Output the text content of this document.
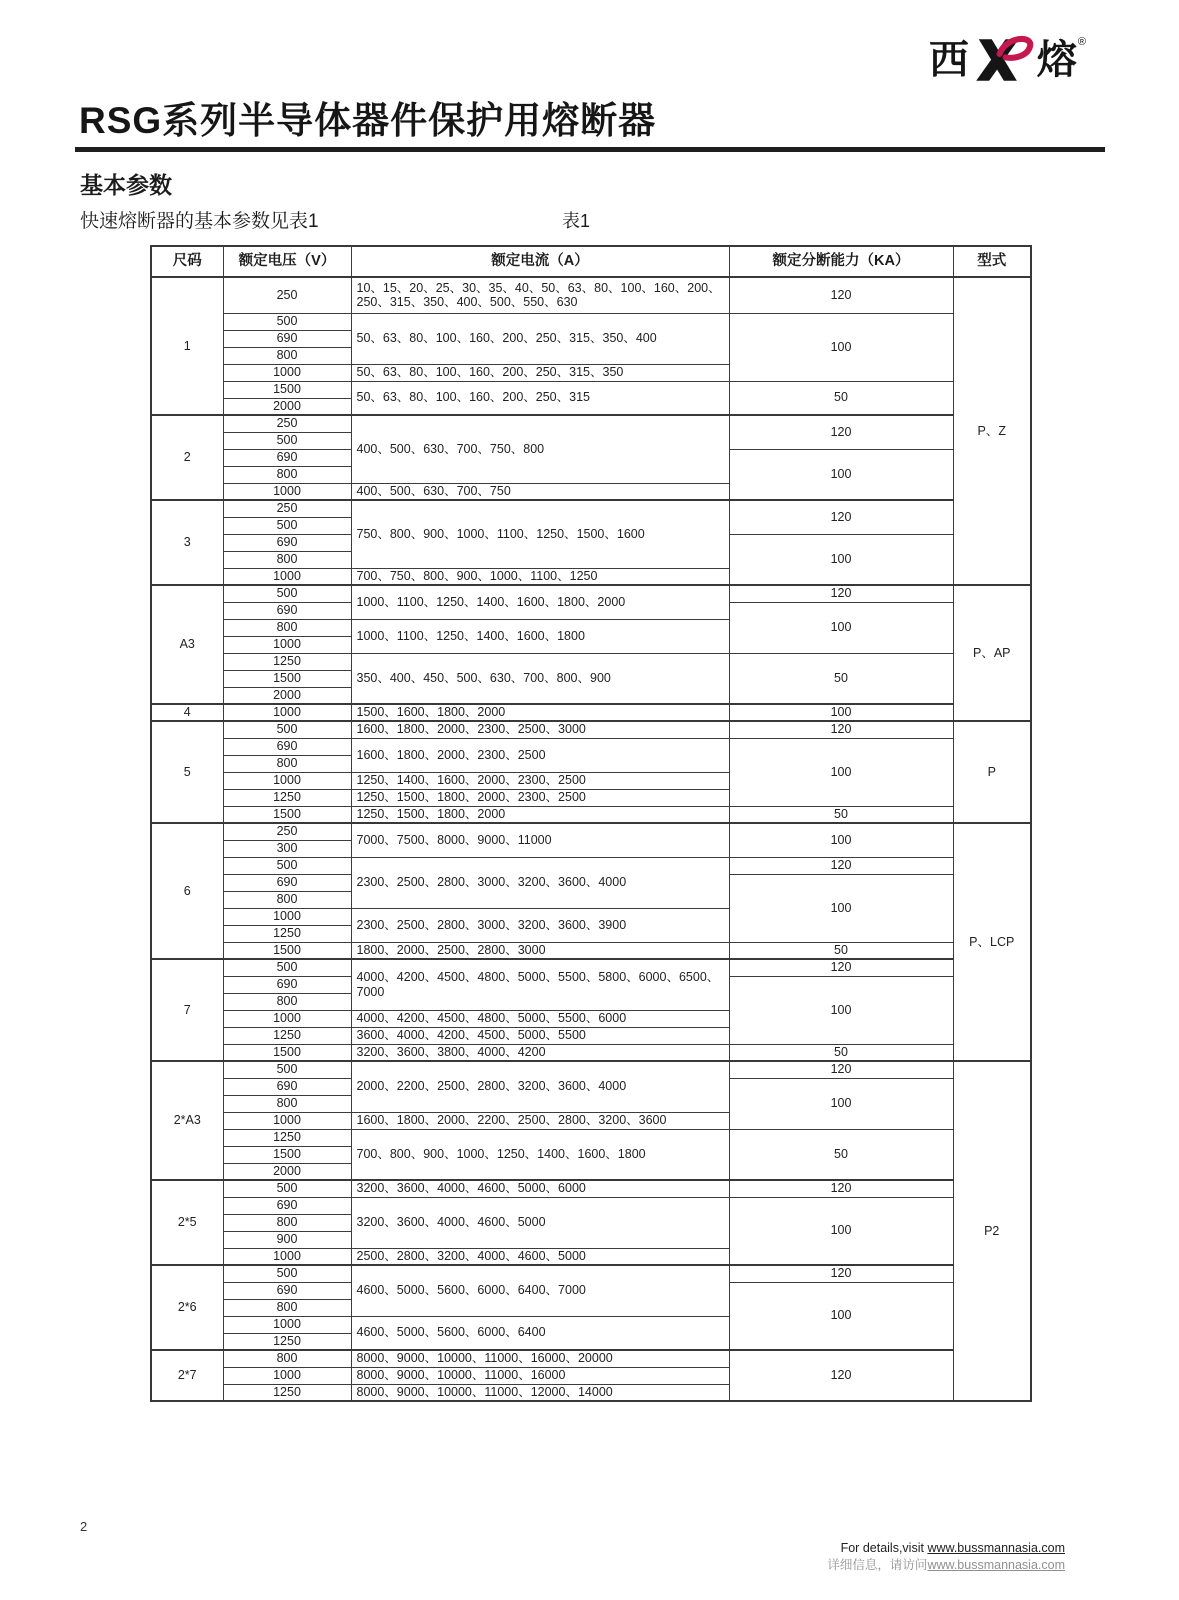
西 熔 ®
RSG系列半导体器件保护用熔断器
基本参数
快速熔断器的基本参数见表1	表1
尺码	额定电压（V）	额定电流（A）	额定分断能力（KA）	型式
1	250	10、15、20、25、30、35、40、50、63、80、100、160、200、250、315、350、400、500、550、630	120	P、Z
	500	50、63、80、100、160、200、250、315、350、400	100	
	690			
	800			
	1000	50、63、80、100、160、200、250、315、350		
	1500	50、63、80、100、160、200、250、315	50	
	2000			
2	250	400、500、630、700、750、800	120	
	500			
	690		100	
	800			
	1000	400、500、630、700、750		
3	250	750、800、900、1000、1100、1250、1500、1600	120	
	500			
	690		100	
	800			
	1000	700、750、800、900、1000、1100、1250		
A3	500	1000、1100、1250、1400、1600、1800、2000	120	P、AP
	690		100	
	800	1000、1100、1250、1400、1600、1800		
	1000			
	1250	350、400、450、500、630、700、800、900	50	
	1500			
	2000			
4	1000	1500、1600、1800、2000	100	
5	500	1600、1800、2000、2300、2500、3000	120	P
	690	1600、1800、2000、2300、2500	100	
	800			
	1000	1250、1400、1600、2000、2300、2500		
	1250	1250、1500、1800、2000、2300、2500		
	1500	1250、1500、1800、2000	50	
6	250	7000、7500、8000、9000、11000	100	P、LCP
	300			
	500	2300、2500、2800、3000、3200、3600、4000	120	
	690		100	
	800			
	1000	2300、2500、2800、3000、3200、3600、3900		
	1250			
	1500	1800、2000、2500、2800、3000	50	
7	500	4000、4200、4500、4800、5000、5500、5800、6000、6500、7000	120	
	690		100	
	800			
	1000	4000、4200、4500、4800、5000、5500、6000		
	1250	3600、4000、4200、4500、5000、5500		
	1500	3200、3600、3800、4000、4200	50	
2*A3	500	2000、2200、2500、2800、3200、3600、4000	120	P2
	690		100	
	800			
	1000	1600、1800、2000、2200、2500、2800、3200、3600		
	1250	700、800、900、1000、1250、1400、1600、1800	50	
	1500			
	2000			
2*5	500	3200、3600、4000、4600、5000、6000	120	
	690	3200、3600、4000、4600、5000	100	
	800			
	900			
	1000	2500、2800、3200、4000、4600、5000		
2*6	500	4600、5000、5600、6000、6400、7000	120	
	690		100	
	800			
	1000	4600、5000、5600、6000、6400		
	1250			
2*7	800	8000、9000、10000、11000、16000、20000	120	
	1000	8000、9000、10000、11000、16000		
	1250	8000、9000、10000、11000、12000、14000		
For details,visit www.bussmannasia.com
详细信息，请访问www.bussmannasia.com
2
